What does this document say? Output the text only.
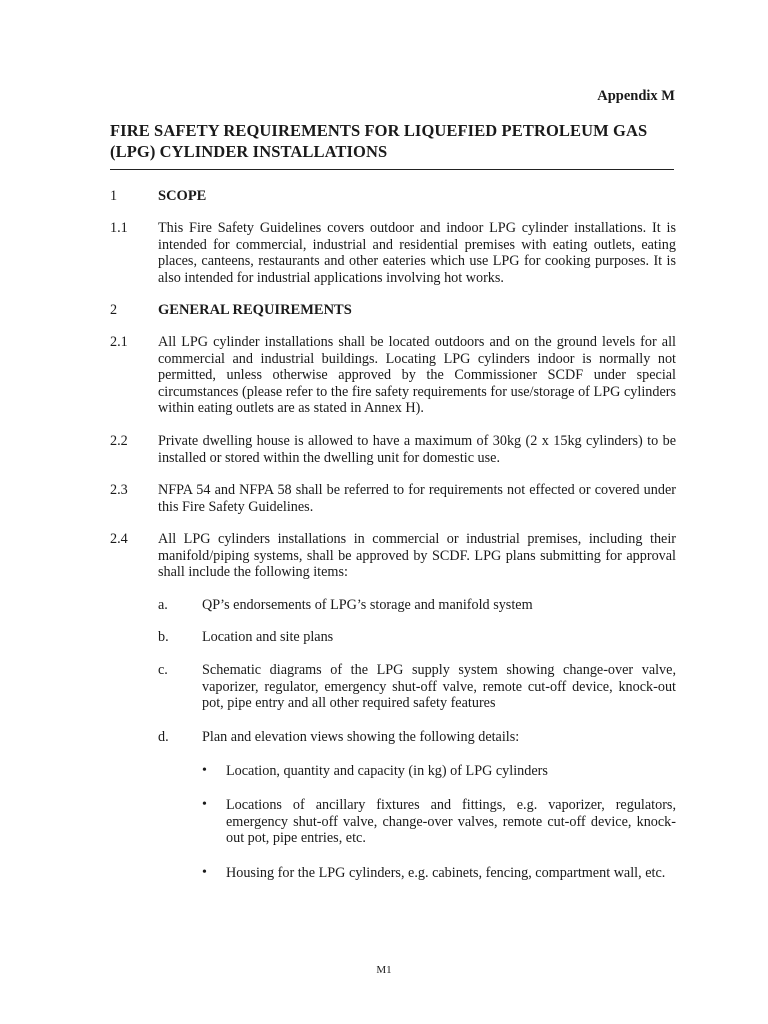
Appendix M
FIRE SAFETY REQUIREMENTS FOR LIQUEFIED PETROLEUM GAS (LPG) CYLINDER INSTALLATIONS
1	SCOPE
1.1 This Fire Safety Guidelines covers outdoor and indoor LPG cylinder installations. It is intended for commercial, industrial and residential premises with eating outlets, eating places, canteens, restaurants and other eateries which use LPG for cooking purposes. It is also intended for industrial applications involving hot works.
2	GENERAL REQUIREMENTS
2.1 All LPG cylinder installations shall be located outdoors and on the ground levels for all commercial and industrial buildings. Locating LPG cylinders indoor is normally not permitted, unless otherwise approved by the Commissioner SCDF under special circumstances (please refer to the fire safety requirements for use/storage of LPG cylinders within eating outlets are as stated in Annex H).
2.2 Private dwelling house is allowed to have a maximum of 30kg (2 x 15kg cylinders) to be installed or stored within the dwelling unit for domestic use.
2.3 NFPA 54 and NFPA 58 shall be referred to for requirements not effected or covered under this Fire Safety Guidelines.
2.4 All LPG cylinders installations in commercial or industrial premises, including their manifold/piping systems, shall be approved by SCDF. LPG plans submitting for approval shall include the following items:
a. QP’s endorsements of LPG’s storage and manifold system
b. Location and site plans
c. Schematic diagrams of the LPG supply system showing change-over valve, vaporizer, regulator, emergency shut-off valve, remote cut-off device, knock-out pot, pipe entry and all other required safety features
d. Plan and elevation views showing the following details:
• Location, quantity and capacity (in kg) of LPG cylinders
• Locations of ancillary fixtures and fittings, e.g. vaporizer, regulators, emergency shut-off valve, change-over valves, remote cut-off device, knock-out pot, pipe entries, etc.
• Housing for the LPG cylinders, e.g. cabinets, fencing, compartment wall, etc.
M1
